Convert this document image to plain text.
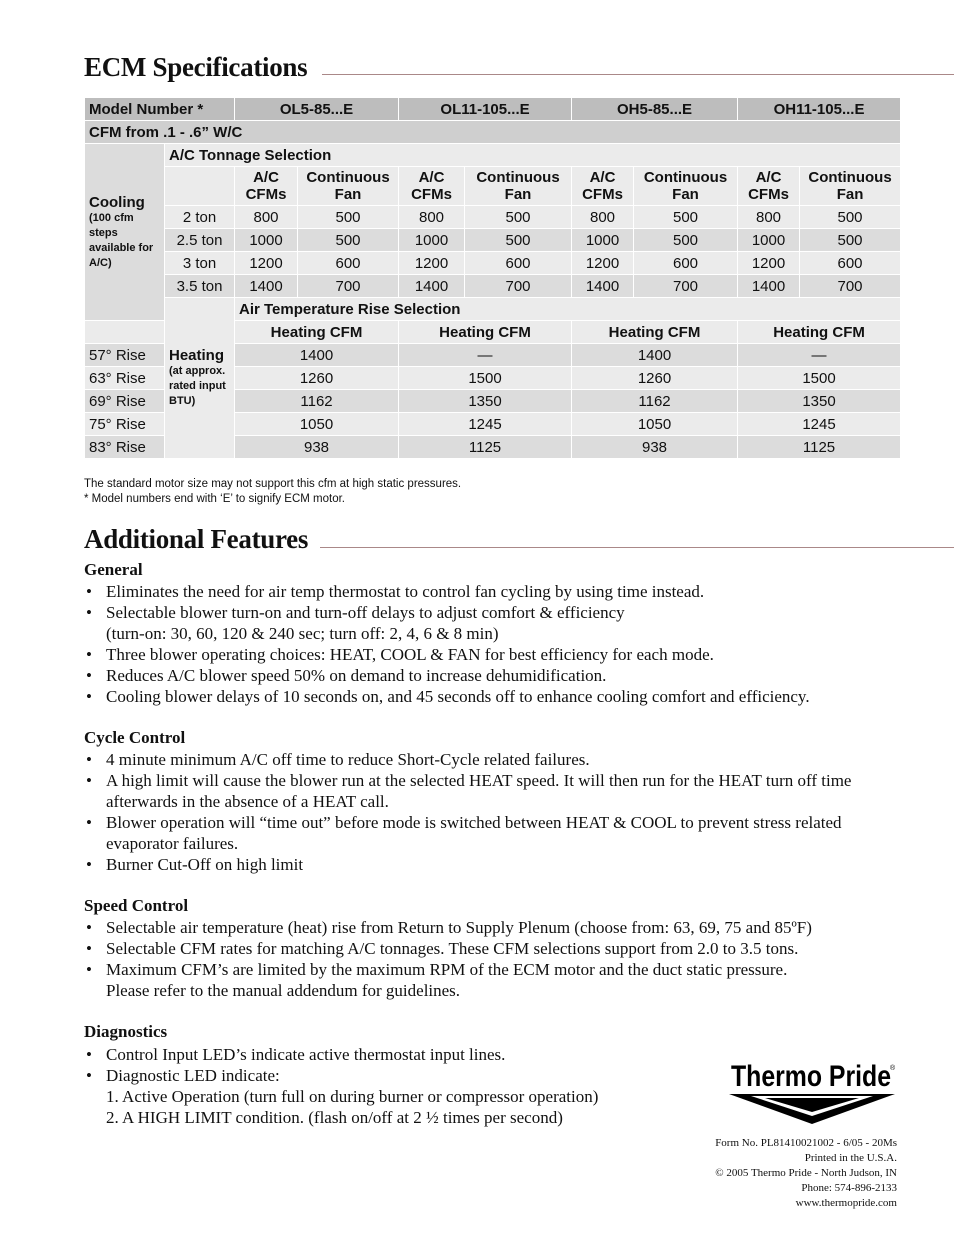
ECM Specifications
Model Number *		OL5-85...E		OL11-105...E		OH5-85...E		OH11-105...E	
CFM from .1 - .6” W/C									

Cooling
(100 cfm steps available for A/C)	A/C Tonnage Selection								
		A/C CFMs	Continuous Fan	A/C CFMs	Continuous Fan	A/C CFMs	Continuous Fan	A/C CFMs	Continuous Fan
	2 ton	800	500	800	500	800	500	800	500
	2.5 ton	1000	500	1000	500	1000	500	1000	500
	3 ton	1200	600	1200	600	1200	600	1200	600
	3.5 ton	1400	700	1400	700	1400	700	1400	700

	Heating
(at approx. rated input BTU)	Air Temperature Rise Selection							
		Heating CFM		Heating CFM		Heating CFM		Heating CFM	
57° Rise		1400		—		1400		—	
63° Rise		1260		1500		1260		1500	
69° Rise		1162		1350		1162		1350	
75° Rise		1050		1245		1050		1245	
83° Rise		938		1125		938		1125	
The standard motor size may not support this cfm at high static pressures.
* Model numbers end with ‘E’ to signify ECM motor.
Additional Features
General
• Eliminates the need for air temp thermostat to control fan cycling by using time instead.
• Selectable blower turn-on and turn-off delays to adjust comfort & efficiency
(turn-on: 30, 60, 120 & 240 sec; turn off: 2, 4, 6 & 8 min)
• Three blower operating choices: HEAT, COOL & FAN for best efficiency for each mode.
• Reduces A/C blower speed 50% on demand to increase dehumidification.
• Cooling blower delays of 10 seconds on, and 45 seconds off to enhance cooling comfort and efficiency.
Cycle Control
• 4 minute minimum A/C off time to reduce Short-Cycle related failures.
• A high limit will cause the blower run at the selected HEAT speed. It will then run for the HEAT turn off time afterwards in the absence of a HEAT call.
• Blower operation will “time out” before mode is switched between HEAT & COOL to prevent stress related evaporator failures.
• Burner Cut-Off on high limit
Speed Control
• Selectable air temperature (heat) rise from Return to Supply Plenum (choose from: 63, 69, 75 and 85ºF)
• Selectable CFM rates for matching A/C tonnages. These CFM selections support from 2.0 to 3.5 tons.
• Maximum CFM’s are limited by the maximum RPM of the ECM motor and the duct static pressure.
Please refer to the manual addendum for guidelines.
Diagnostics
• Control Input LED’s indicate active thermostat input lines.
• Diagnostic LED indicate:
1. Active Operation (turn full on during burner or compressor operation)
2. A HIGH LIMIT condition. (flash on/off at 2 ½ times per second)
Thermo Pride ®
Form No. PL81410021002 - 6/05 - 20Ms
Printed in the U.S.A.
© 2005 Thermo Pride - North Judson, IN
Phone: 574-896-2133
www.thermopride.com
